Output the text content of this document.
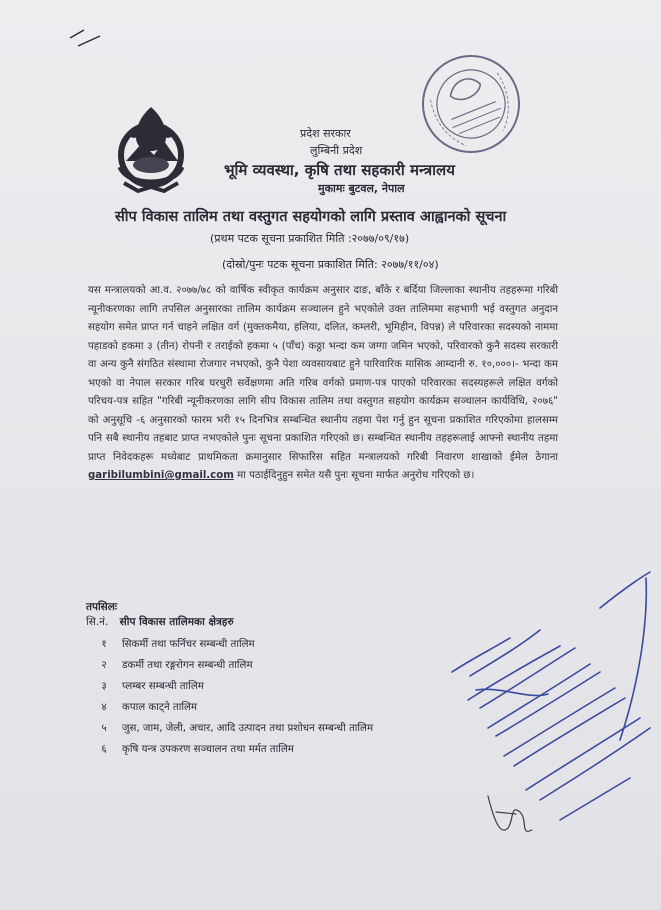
प्रदेश सरकार
लुम्बिनी प्रदेश
भूमि व्यवस्था, कृषि तथा सहकारी मन्त्रालय
मुकामः बुटवल, नेपाल
सीप विकास तालिम तथा वस्तुगत सहयोगको लागि प्रस्ताव आह्वानको सूचना
(प्रथम पटक सूचना प्रकाशित मिति :२०७७/०९/१७)
(दोस्रो/पुनः पटक सूचना प्रकाशित मिति: २०७७/११/०४)
यस मन्त्रालयको आ.व. २०७७/७८ को वार्षिक स्वीकृत कार्यक्रम अनुसार दाङ, बाँके र बर्दिया जिल्लाका स्थानीय तहहरूमा गरिबी न्यूनीकरणका लागि तपसिल अनुसारका तालिम कार्यक्रम सञ्चालन हुने भएकोले उक्त तालिममा सहभागी भई वस्तुगत अनुदान सहयोग समेत प्राप्त गर्न चाहने लक्षित वर्ग (मुक्तकमैया, हलिया, दलित, कम्लरी, भूमिहीन, विपन्न) ले परिवारका सदस्यको नाममा पहाडको हकमा ३ (तीन) रोपनी र तराईको हकमा ५ (पाँच) कठ्ठा भन्दा कम जग्गा जमिन भएको, परिवारको कुनै सदस्य सरकारी वा अन्य कुनै संगठित संस्थामा रोजगार नभएको, कुनै पेशा व्यवसायबाट हुने पारिवारिक मासिक आम्दानी रु. १०,०००।- भन्दा कम भएको वा नेपाल सरकार गरिब घरधुरी सर्वेक्षणमा अति गरिब वर्गको प्रमाण-पत्र पाएको परिवारका सदस्यहरूले लक्षित वर्गको परिचय-पत्र सहित "गरिबी न्यूनीकरणका लागि सीप विकास तालिम तथा वस्तुगत सहयोग कार्यक्रम सञ्चालन कार्यविधि, २०७६" को अनुसूचि -६ अनुसारको फारम भरी १५ दिनभित्र सम्बन्धित स्थानीय तहमा पेश गर्नु हुन सूचना प्रकाशित गरिएकोमा हालसम्म पनि सबै स्थानीय तहबाट प्राप्त नभएकोले पुनः सूचना प्रकाशित गरिएको छ। सम्बन्धित स्थानीय तहहरूलाई आफ्नो स्थानीय तहमा प्राप्त निवेदकहरू मध्येबाट प्राथमिकता क्रमानुसार सिफारिस सहित मन्त्रालयको गरिबी निवारण शाखाको ईमेल ठेगाना garibilumbini@gmail.com मा पठाईदिनुहुन समेत यसै पुनः सूचना मार्फत अनुरोध गरिएको छ।
तपसिलः
सि.नं. सीप विकास तालिमका क्षेत्रहरु
१	सिकर्मी तथा फर्निचर सम्बन्धी तालिम
२	डकर्मी तथा रङ्गरोगन सम्बन्धी तालिम
३	प्लम्बर सम्बन्धी तालिम
४	कपाल काट्ने तालिम
५	जुस, जाम, जेली, अचार, आदि उत्पादन तथा प्रशोधन सम्बन्धी तालिम
६	कृषि यन्त्र उपकरण सञ्चालन तथा मर्मत तालिम
